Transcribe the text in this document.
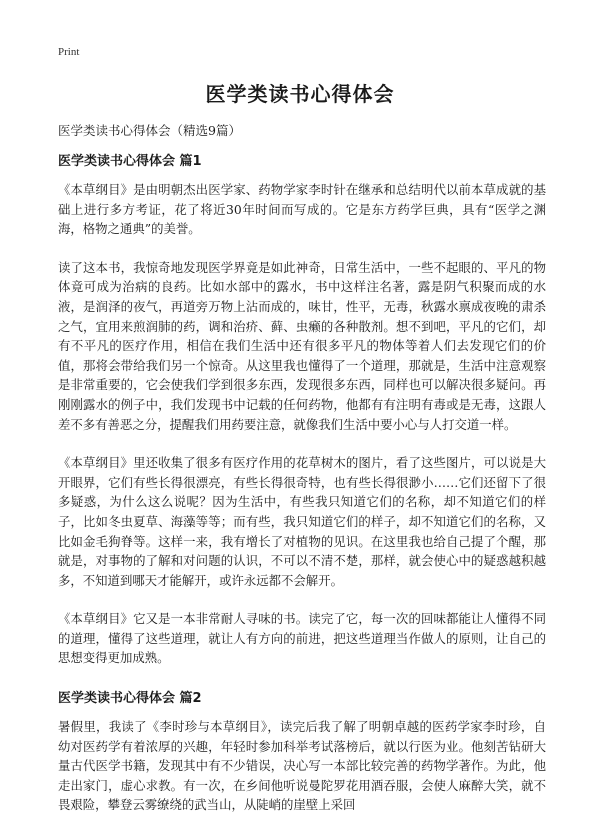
Print
医学类读书心得体会
医学类读书心得体会（精选9篇）
医学类读书心得体会 篇1

《本草纲目》是由明朝杰出医学家、药物学家李时针在继承和总结明代以前本草成就的基础上进行多方考证，花了将近30年时间而写成的。它是东方药学巨典，具有“医学之渊海，格物之通典”的美誉。

读了这本书，我惊奇地发现医学界竟是如此神奇，日常生活中，一些不起眼的、平凡的物体竟可成为治病的良药。比如水部中的露水，书中这样注名著，露是阴气积聚而成的水液，是润泽的夜气，再道旁万物上沾而成的，味甘，性平，无毒，秋露水禀成夜晚的肃杀之气，宜用来煎润肺的药，调和治疥、藓、虫癞的各种散剂。想不到吧，平凡的它们，却有不平凡的医疗作用，相信在我们生活中还有很多平凡的物体等着人们去发现它们的价值，那将会带给我们另一个惊奇。从这里我也懂得了一个道理，那就是，生活中注意观察是非常重要的，它会使我们学到很多东西，发现很多东西，同样也可以解决很多疑问。再刚刚露水的例子中，我们发现书中记载的任何药物，他都有有注明有毒或是无毒，这跟人差不多有善恶之分，提醒我们用药要注意，就像我们生活中要小心与人打交道一样。

《本草纲目》里还收集了很多有医疗作用的花草树木的图片，看了这些图片，可以说是大开眼界，它们有些长得很漂亮，有些长得很奇特，也有些长得很渺小……它们还留下了很多疑惑，为什么这么说呢？因为生活中，有些我只知道它们的名称，却不知道它们的样子，比如冬虫夏草、海藻等等；而有些，我只知道它们的样子，却不知道它们的名称，又比如金毛狗脊等。这样一来，我有增长了对植物的见识。在这里我也给自己提了个醒，那就是，对事物的了解和对问题的认识，不可以不清不楚，那样，就会使心中的疑惑越积越多，不知道到哪天才能解开，或许永远都不会解开。

《本草纲目》它又是一本非常耐人寻味的书。读完了它，每一次的回味都能让人懂得不同的道理，懂得了这些道理，就让人有方向的前进，把这些道理当作做人的原则，让自己的思想变得更加成熟。

医学类读书心得体会 篇2

暑假里，我读了《李时珍与本草纲目》，读完后我了解了明朝卓越的医药学家李时珍，自幼对医药学有着浓厚的兴趣，年轻时参加科举考试落榜后，就以行医为业。他刻苦钻研大量古代医学书籍，发现其中有不少错误，决心写一本部比较完善的药物学著作。为此，他走出家门，虚心求教。有一次，在乡间他听说曼陀罗花用酒吞服，会使人麻醉大笑，就不畏艰险，攀登云雾缭绕的武当山，从陡峭的崖壁上采回
